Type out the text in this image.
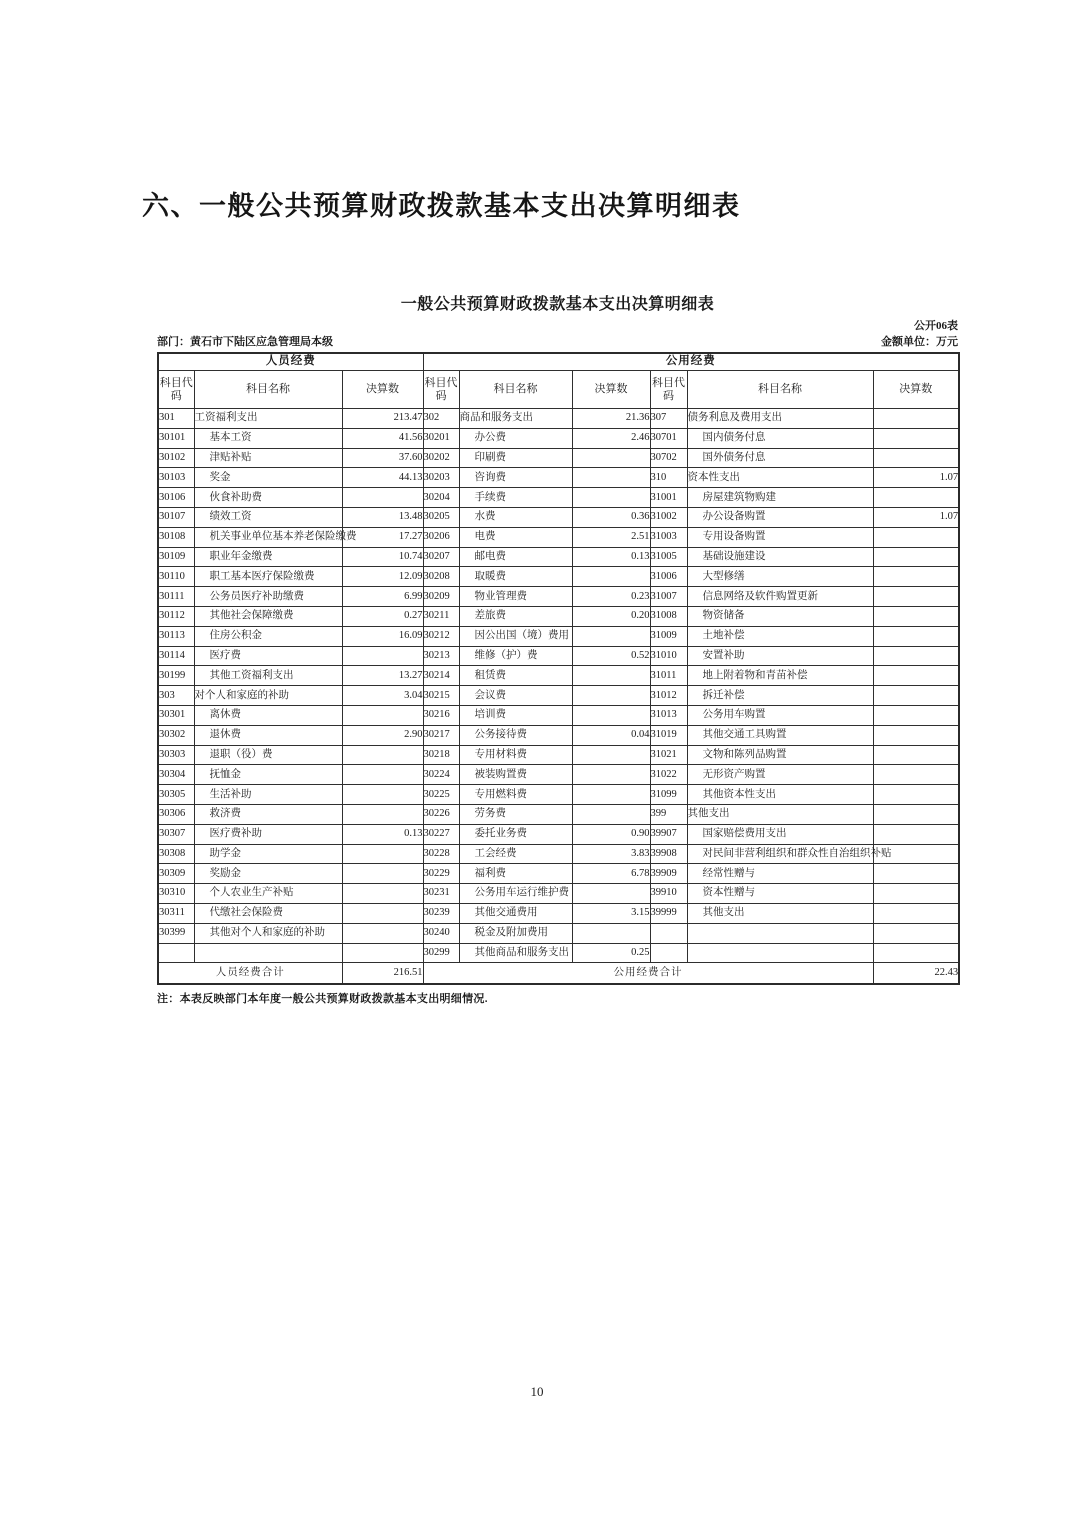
六、一般公共预算财政拨款基本支出决算明细表
一般公共预算财政拨款基本支出决算明细表
公开06表
部门：黄石市下陆区应急管理局本级	金额单位：万元
人员经费			公用经费					
科目代码	科目名称	决算数	科目代码	科目名称	决算数	科目代码	科目名称	决算数
301	工资福利支出	213.47	302	商品和服务支出	21.36	307	债务利息及费用支出	
30101	基本工资	41.56	30201	办公费	2.46	30701	国内债务付息	
30102	津贴补贴	37.60	30202	印刷费		30702	国外债务付息	
30103	奖金	44.13	30203	咨询费		310	资本性支出	1.07
30106	伙食补助费		30204	手续费		31001	房屋建筑物购建	
30107	绩效工资	13.48	30205	水费	0.36	31002	办公设备购置	1.07
30108	机关事业单位基本养老保险缴费	17.27	30206	电费	2.51	31003	专用设备购置	
30109	职业年金缴费	10.74	30207	邮电费	0.13	31005	基础设施建设	
30110	职工基本医疗保险缴费	12.09	30208	取暖费		31006	大型修缮	
30111	公务员医疗补助缴费	6.99	30209	物业管理费	0.23	31007	信息网络及软件购置更新	
30112	其他社会保障缴费	0.27	30211	差旅费	0.20	31008	物资储备	
30113	住房公积金	16.09	30212	因公出国（境）费用		31009	土地补偿	
30114	医疗费		30213	维修（护）费	0.52	31010	安置补助	
30199	其他工资福利支出	13.27	30214	租赁费		31011	地上附着物和青苗补偿	
303	对个人和家庭的补助	3.04	30215	会议费		31012	拆迁补偿	
30301	离休费		30216	培训费		31013	公务用车购置	
30302	退休费	2.90	30217	公务接待费	0.04	31019	其他交通工具购置	
30303	退职（役）费		30218	专用材料费		31021	文物和陈列品购置	
30304	抚恤金		30224	被装购置费		31022	无形资产购置	
30305	生活补助		30225	专用燃料费		31099	其他资本性支出	
30306	救济费		30226	劳务费		399	其他支出	
30307	医疗费补助	0.13	30227	委托业务费	0.90	39907	国家赔偿费用支出	
30308	助学金		30228	工会经费	3.83	39908	对民间非营利组织和群众性自治组织补贴	
30309	奖励金		30229	福利费	6.78	39909	经常性赠与	
30310	个人农业生产补贴		30231	公务用车运行维护费		39910	资本性赠与	
30311	代缴社会保险费		30239	其他交通费用	3.15	39999	其他支出	
30399	其他对个人和家庭的补助		30240	税金及附加费用				
			30299	其他商品和服务支出	0.25			
人员经费合计		216.51	公用经费合计					22.43
注：本表反映部门本年度一般公共预算财政拨款基本支出明细情况.
10
